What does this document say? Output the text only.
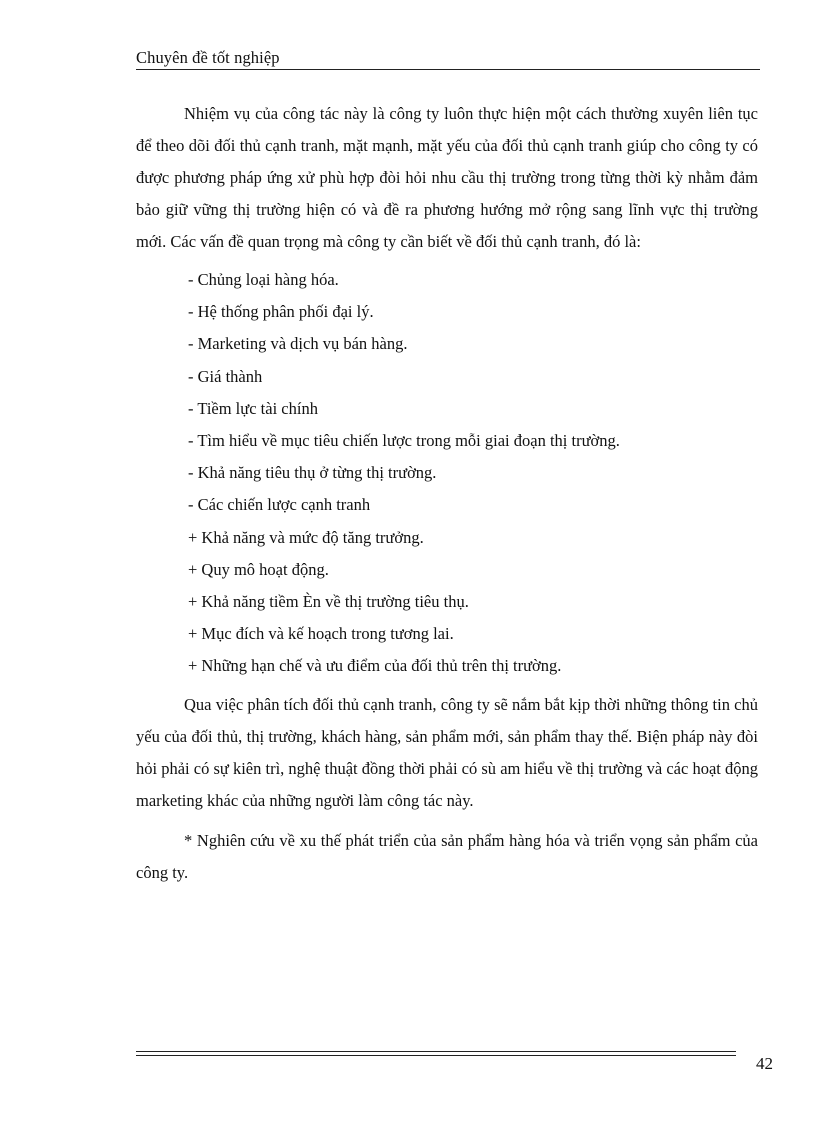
Chuyên đề tốt nghiệp

Nhiệm vụ của công tác này là công ty luôn thực hiện một cách thường xuyên liên tục để theo dõi đối thủ cạnh tranh, mặt mạnh, mặt yếu của đối thủ cạnh tranh giúp cho công ty có được phương pháp ứng xử phù hợp đòi hỏi nhu cầu thị trường trong từng thời kỳ nhằm đảm bảo giữ vững thị trường hiện có và đề ra phương hướng mở rộng sang lĩnh vực thị trường mới. Các vấn đề quan trọng mà công ty cần biết về đối thủ cạnh tranh, đó là:

- Chủng loại hàng hóa.
- Hệ thống phân phối đại lý.
- Marketing và dịch vụ bán hàng.
- Giá thành
- Tiềm lực tài chính
- Tìm hiểu về mục tiêu chiến lược trong mỗi giai đoạn thị trường.
- Khả năng tiêu thụ ở từng thị trường.
- Các chiến lược cạnh tranh
+ Khả năng và mức độ tăng trưởng.
+ Quy mô hoạt động.
+ Khả năng tiềm Èn về thị trường tiêu thụ.
+ Mục đích và kế hoạch trong tương lai.
+ Những hạn chế và ưu điểm của đối thủ trên thị trường.

Qua việc phân tích đối thủ cạnh tranh, công ty sẽ nắm bắt kịp thời những thông tin chủ yếu của đối thủ, thị trường, khách hàng, sản phẩm mới, sản phẩm thay thế. Biện pháp này đòi hỏi phải có sự kiên trì, nghệ thuật đồng thời phải có sù am hiểu về thị trường và các hoạt động marketing khác của những người làm công tác này.

* Nghiên cứu về xu thế phát triển của sản phẩm hàng hóa và triển vọng sản phẩm của công ty.

42
